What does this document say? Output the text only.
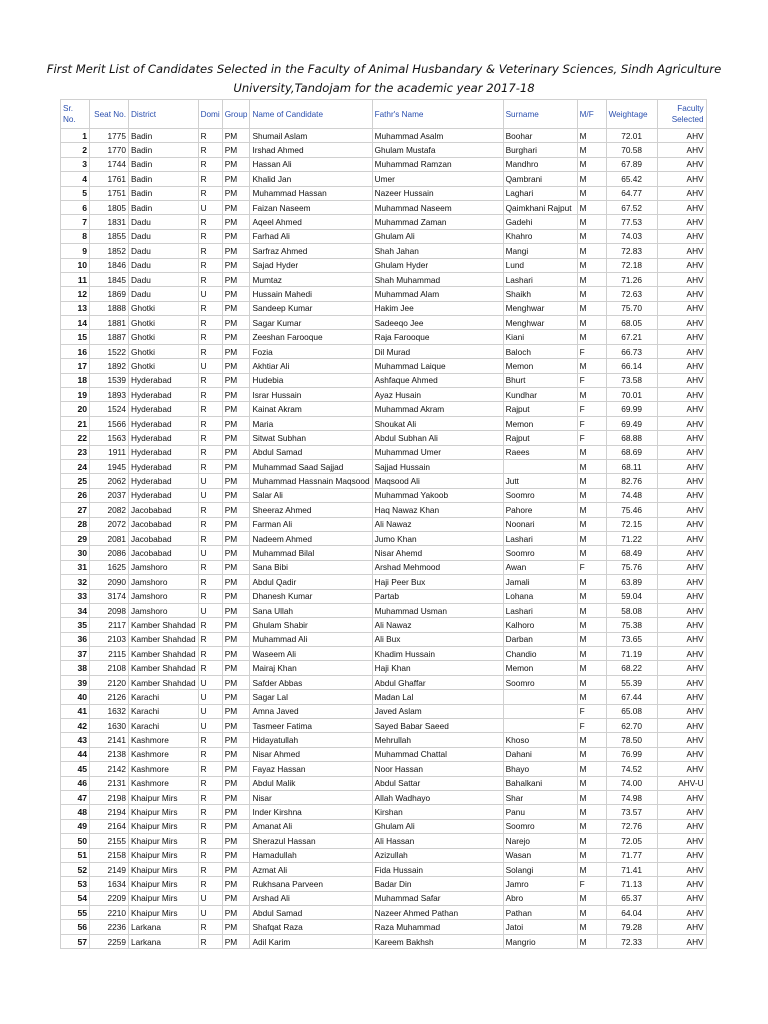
First Merit List of Candidates Selected in the Faculty of Animal Husbandary & Veterinary Sciences, Sindh Agriculture University,Tandojam for the academic year 2017-18
Sr. No.	Seat No.	District	Domi	Group	Name of Candidate	Fathr's Name	Surname	M/F	Weightage	Faculty Selected
1	1775	Badin	R	PM	Shumail Aslam	Muhammad Asalm	Boohar	M	72.01	AHV
2	1770	Badin	R	PM	Irshad Ahmed	Ghulam Mustafa	Burghari	M	70.58	AHV
3	1744	Badin	R	PM	Hassan Ali	Muhammad Ramzan	Mandhro	M	67.89	AHV
4	1761	Badin	R	PM	Khalid Jan	Umer	Qambrani	M	65.42	AHV
5	1751	Badin	R	PM	Muhammad Hassan	Nazeer Hussain	Laghari	M	64.77	AHV
6	1805	Badin	U	PM	Faizan Naseem	Muhammad Naseem	Qaimkhani Rajput	M	67.52	AHV
7	1831	Dadu	R	PM	Aqeel Ahmed	Muhammad Zaman	Gadehi	M	77.53	AHV
8	1855	Dadu	R	PM	Farhad Ali	Ghulam Ali	Khahro	M	74.03	AHV
9	1852	Dadu	R	PM	Sarfraz Ahmed	Shah Jahan	Mangi	M	72.83	AHV
10	1846	Dadu	R	PM	Sajad Hyder	Ghulam Hyder	Lund	M	72.18	AHV
11	1845	Dadu	R	PM	Mumtaz	Shah Muhammad	Lashari	M	71.26	AHV
12	1869	Dadu	U	PM	Hussain Mahedi	Muhammad Alam	Shaikh	M	72.63	AHV
13	1888	Ghotki	R	PM	Sandeep Kumar	Hakim Jee	Menghwar	M	75.70	AHV
14	1881	Ghotki	R	PM	Sagar Kumar	Sadeeqo Jee	Menghwar	M	68.05	AHV
15	1887	Ghotki	R	PM	Zeeshan Farooque	Raja Farooque	Kiani	M	67.21	AHV
16	1522	Ghotki	R	PM	Fozia	Dil Murad	Baloch	F	66.73	AHV
17	1892	Ghotki	U	PM	Akhtiar Ali	Muhammad Laique	Memon	M	66.14	AHV
18	1539	Hyderabad	R	PM	Hudebia	Ashfaque Ahmed	Bhurt	F	73.58	AHV
19	1893	Hyderabad	R	PM	Israr Hussain	Ayaz Husain	Kundhar	M	70.01	AHV
20	1524	Hyderabad	R	PM	Kainat Akram	Muhammad Akram	Rajput	F	69.99	AHV
21	1566	Hyderabad	R	PM	Maria	Shoukat Ali	Memon	F	69.49	AHV
22	1563	Hyderabad	R	PM	Sitwat Subhan	Abdul Subhan Ali	Rajput	F	68.88	AHV
23	1911	Hyderabad	R	PM	Abdul Samad	Muhammad Umer	Raees	M	68.69	AHV
24	1945	Hyderabad	R	PM	Muhammad Saad Sajjad	Sajjad Hussain		M	68.11	AHV
25	2062	Hyderabad	U	PM	Muhammad Hassnain Maqsood	Maqsood Ali	Jutt	M	82.76	AHV
26	2037	Hyderabad	U	PM	Salar Ali	Muhammad Yakoob	Soomro	M	74.48	AHV
27	2082	Jacobabad	R	PM	Sheeraz Ahmed	Haq Nawaz Khan	Pahore	M	75.46	AHV
28	2072	Jacobabad	R	PM	Farman Ali	Ali Nawaz	Noonari	M	72.15	AHV
29	2081	Jacobabad	R	PM	Nadeem Ahmed	Jumo Khan	Lashari	M	71.22	AHV
30	2086	Jacobabad	U	PM	Muhammad Bilal	Nisar Ahemd	Soomro	M	68.49	AHV
31	1625	Jamshoro	R	PM	Sana Bibi	Arshad Mehmood	Awan	F	75.76	AHV
32	2090	Jamshoro	R	PM	Abdul Qadir	Haji Peer Bux	Jamali	M	63.89	AHV
33	3174	Jamshoro	R	PM	Dhanesh Kumar	Partab	Lohana	M	59.04	AHV
34	2098	Jamshoro	U	PM	Sana Ullah	Muhammad Usman	Lashari	M	58.08	AHV
35	2117	Kamber Shahdad	R	PM	Ghulam Shabir	Ali Nawaz	Kalhoro	M	75.38	AHV
36	2103	Kamber Shahdad	R	PM	Muhammad Ali	Ali Bux	Darban	M	73.65	AHV
37	2115	Kamber Shahdad	R	PM	Waseem Ali	Khadim Hussain	Chandio	M	71.19	AHV
38	2108	Kamber Shahdad	R	PM	Mairaj Khan	Haji Khan	Memon	M	68.22	AHV
39	2120	Kamber Shahdad	U	PM	Safder Abbas	Abdul Ghaffar	Soomro	M	55.39	AHV
40	2126	Karachi	U	PM	Sagar Lal	Madan Lal		M	67.44	AHV
41	1632	Karachi	U	PM	Amna Javed	Javed Aslam		F	65.08	AHV
42	1630	Karachi	U	PM	Tasmeer Fatima	Sayed Babar Saeed		F	62.70	AHV
43	2141	Kashmore	R	PM	Hidayatullah	Mehrullah	Khoso	M	78.50	AHV
44	2138	Kashmore	R	PM	Nisar Ahmed	Muhammad Chattal	Dahani	M	76.99	AHV
45	2142	Kashmore	R	PM	Fayaz Hassan	Noor Hassan	Bhayo	M	74.52	AHV
46	2131	Kashmore	R	PM	Abdul Malik	Abdul Sattar	Bahalkani	M	74.00	AHV-U
47	2198	Khaipur Mirs	R	PM	Nisar	Allah Wadhayo	Shar	M	74.98	AHV
48	2194	Khaipur Mirs	R	PM	Inder Kirshna	Kirshan	Panu	M	73.57	AHV
49	2164	Khaipur Mirs	R	PM	Amanat Ali	Ghulam Ali	Soomro	M	72.76	AHV
50	2155	Khaipur Mirs	R	PM	Sherazul Hassan	Ali Hassan	Narejo	M	72.05	AHV
51	2158	Khaipur Mirs	R	PM	Hamadullah	Azizullah	Wasan	M	71.77	AHV
52	2149	Khaipur Mirs	R	PM	Azmat Ali	Fida Hussain	Solangi	M	71.41	AHV
53	1634	Khaipur Mirs	R	PM	Rukhsana Parveen	Badar Din	Jamro	F	71.13	AHV
54	2209	Khaipur Mirs	U	PM	Arshad Ali	Muhammad Safar	Abro	M	65.37	AHV
55	2210	Khaipur Mirs	U	PM	Abdul Samad	Nazeer Ahmed Pathan	Pathan	M	64.04	AHV
56	2236	Larkana	R	PM	Shafqat Raza	Raza Muhammad	Jatoi	M	79.28	AHV
57	2259	Larkana	R	PM	Adil Karim	Kareem Bakhsh	Mangrio	M	72.33	AHV
